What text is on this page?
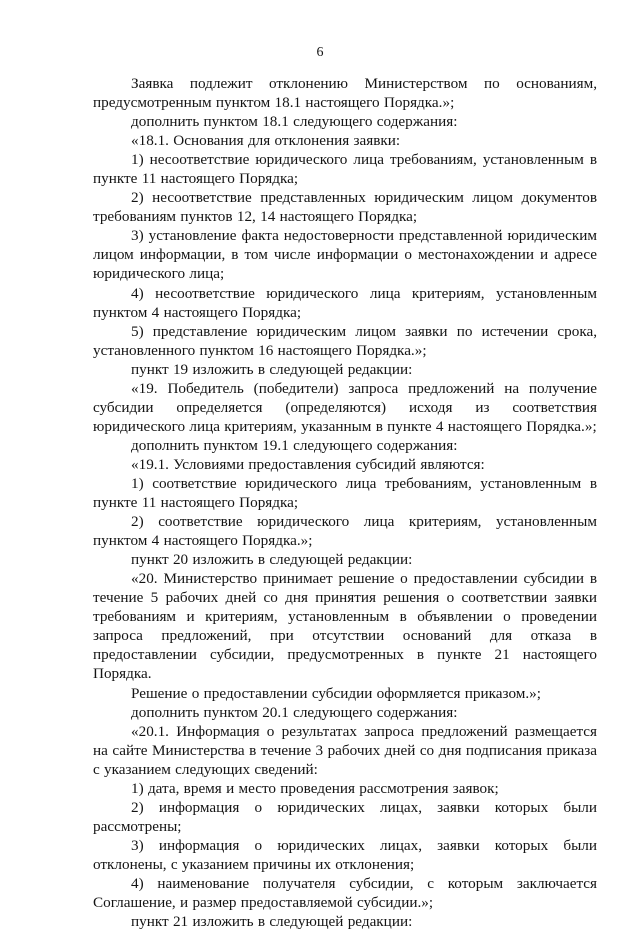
6

Заявка подлежит отклонению Министерством по основаниям, предусмотренным пунктом 18.1 настоящего Порядка.»;

дополнить пунктом 18.1 следующего содержания:

«18.1. Основания для отклонения заявки:

1) несоответствие юридического лица требованиям, установленным в пункте 11 настоящего Порядка;

2) несоответствие представленных юридическим лицом документов требованиям пунктов 12, 14 настоящего Порядка;

3) установление факта недостоверности представленной юридическим лицом информации, в том числе информации о местонахождении и адресе юридического лица;

4) несоответствие юридического лица критериям, установленным пунктом 4 настоящего Порядка;

5) представление юридическим лицом заявки по истечении срока, установленного пунктом 16 настоящего Порядка.»;

пункт 19 изложить в следующей редакции:

«19. Победитель (победители) запроса предложений на получение субсидии определяется (определяются) исходя из соответствия юридического лица критериям, указанным в пункте 4 настоящего Порядка.»;

дополнить пунктом 19.1 следующего содержания:

«19.1. Условиями предоставления субсидий являются:

1) соответствие юридического лица требованиям, установленным в пункте 11 настоящего Порядка;

2) соответствие юридического лица критериям, установленным пунктом 4 настоящего Порядка.»;

пункт 20 изложить в следующей редакции:

«20. Министерство принимает решение о предоставлении субсидии в течение 5 рабочих дней со дня принятия решения о соответствии заявки требованиям и критериям, установленным в объявлении о проведении запроса предложений, при отсутствии оснований для отказа в предоставлении субсидии, предусмотренных в пункте 21 настоящего Порядка.

Решение о предоставлении субсидии оформляется приказом.»;

дополнить пунктом 20.1 следующего содержания:

«20.1. Информация о результатах запроса предложений размещается на сайте Министерства в течение 3 рабочих дней со дня подписания приказа с указанием следующих сведений:

1) дата, время и место проведения рассмотрения заявок;

2) информация о юридических лицах, заявки которых были рассмотрены;

3) информация о юридических лицах, заявки которых были отклонены, с указанием причины их отклонения;

4) наименование получателя субсидии, с которым заключается Соглашение, и размер предоставляемой субсидии.»;

пункт 21 изложить в следующей редакции:
